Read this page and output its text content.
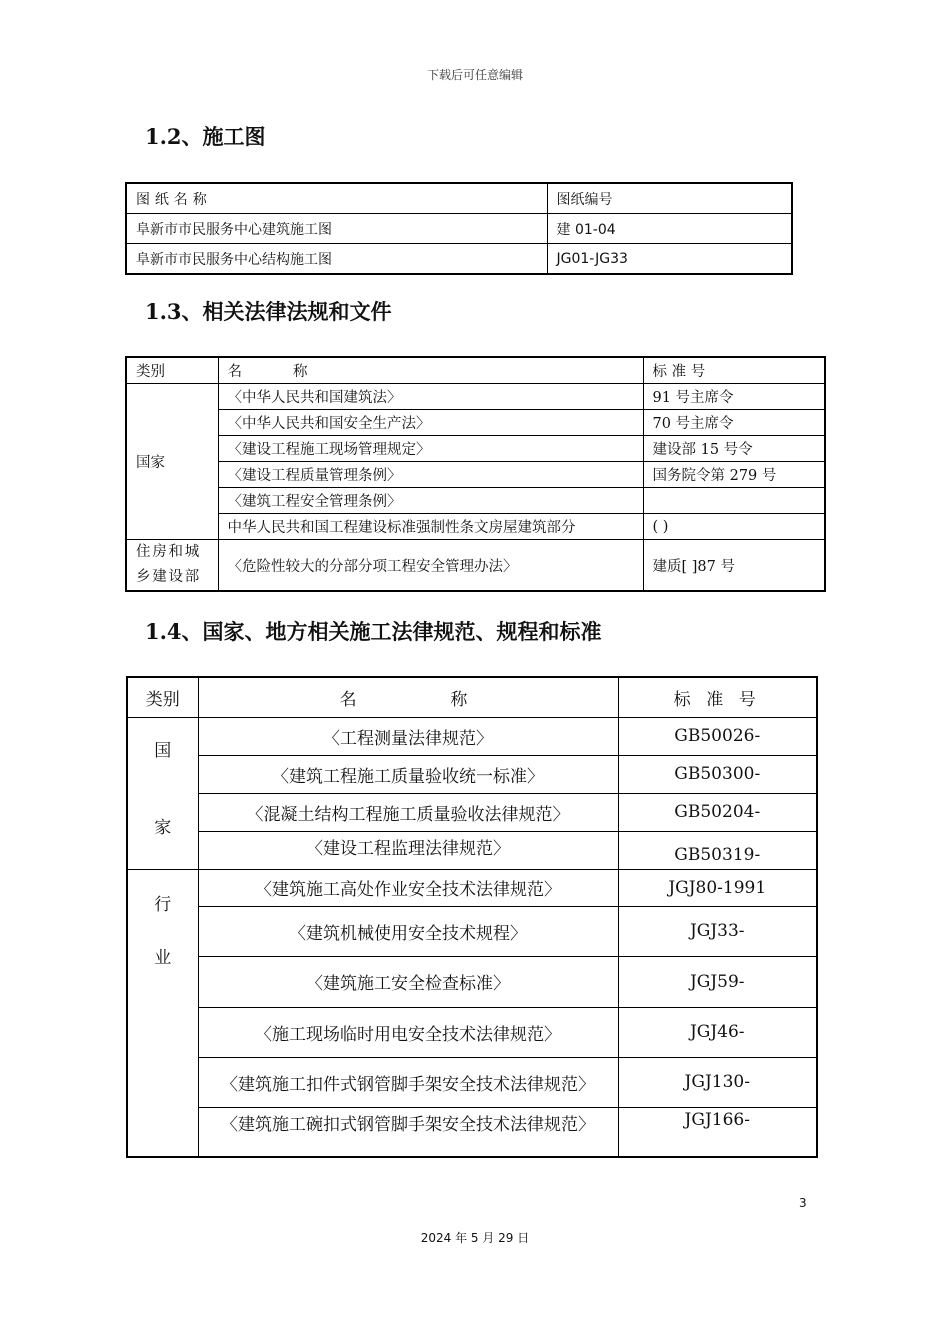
下载后可任意编辑
1.2、施工图
图纸名称	图纸编号
阜新市市民服务中心建筑施工图	建 01-04
阜新市市民服务中心结构施工图	JG01-JG33
1.3、相关法律法规和文件
类别	名 称	标 准 号
国家	〈中华人民共和国建筑法〉	91 号主席令
	〈中华人民共和国安全生产法〉	70 号主席令
	〈建设工程施工现场管理规定〉	建设部 15 号令
	〈建设工程质量管理条例〉	国务院令第 279 号
	〈建筑工程安全管理条例〉	
	中华人民共和国工程建设标准强制性条文房屋建筑部分	( )

住房和城
乡建设部	〈危险性较大的分部分项工程安全管理办法〉	建质[ ]87 号
1.4、国家、地方相关施工法律规范、规程和标准
类别	名 称	标 准 号

国
家	〈工程测量法律规范〉	GB50026-
	〈建筑工程施工质量验收统一标准〉	GB50300-
	〈混凝土结构工程施工质量验收法律规范〉	GB50204-
	〈建设工程监理法律规范〉	GB50319-

行
业	〈建筑施工高处作业安全技术法律规范〉	JGJ80-1991
	〈建筑机械使用安全技术规程〉	JGJ33-
	〈建筑施工安全检查标准〉	JGJ59-
	〈施工现场临时用电安全技术法律规范〉	JGJ46-
	〈建筑施工扣件式钢管脚手架安全技术法律规范〉	JGJ130-
	〈建筑施工碗扣式钢管脚手架安全技术法律规范〉	JGJ166-
3
2024 年 5 月 29 日
